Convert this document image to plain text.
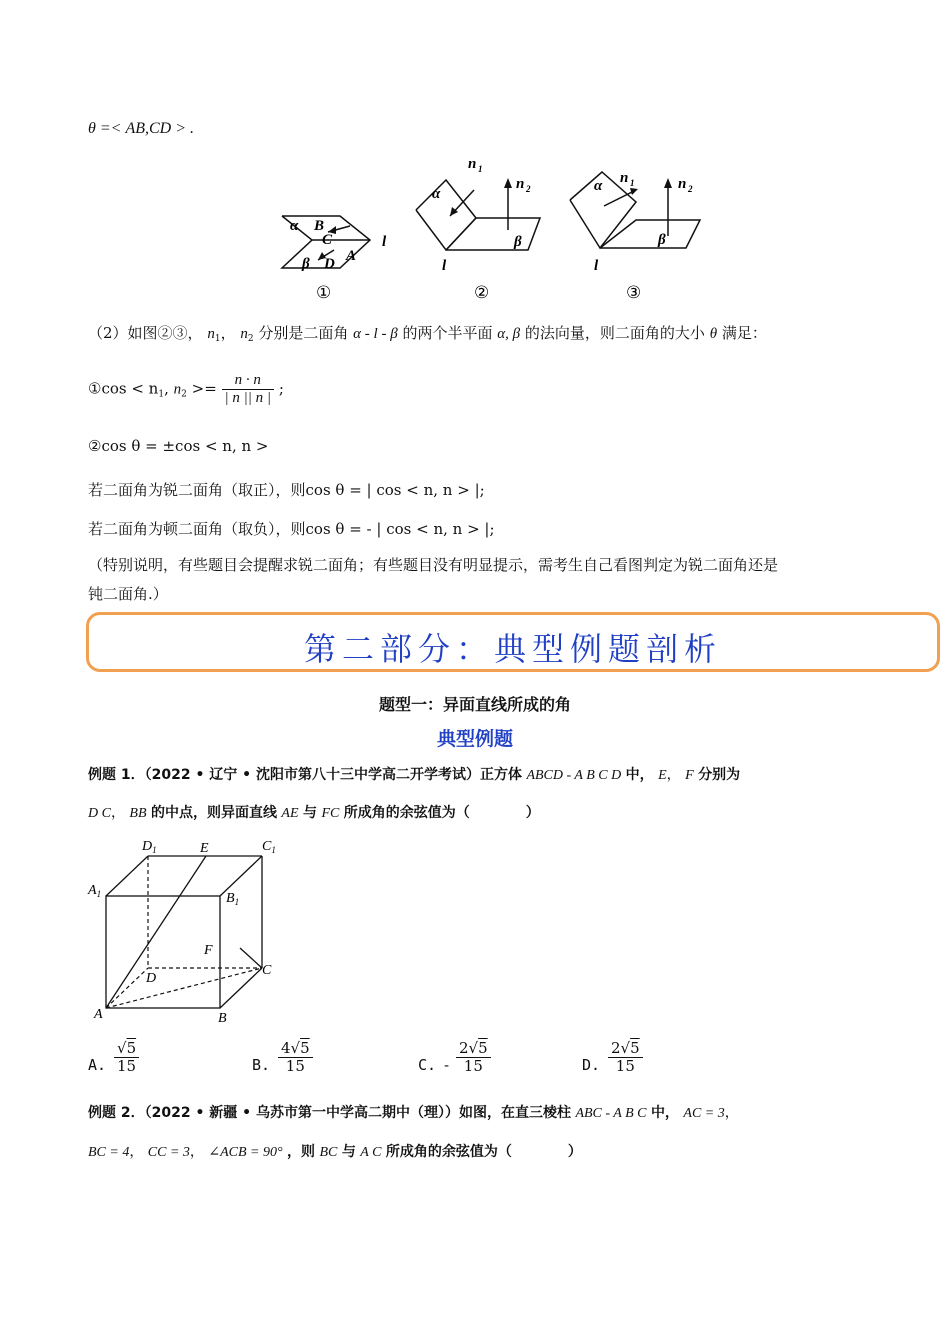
θ =< AB,CD > .
α B
C	l
β D A
α
β
l
n 1
n 2	α
β
l
n 1	n 2
①	②	③
（2）如图②③， $n_1$， $n_2$ 分别是二面角 α - l - β 的两个半平面 α, β 的法向量，则二面角的大小 θ 满足：
①cos < $n_1$, $n_2 >= \frac{n \cdot n}{| n || n |}$ ;
②cos θ = ±cos < n, n >
若二面角为锐二面角（取正），则cos θ = | cos < n, n > |;
若二面角为顿二面角（取负），则cos θ = - | cos < n, n > |;
（特别说明，有些题目会提醒求锐二面角；有些题目没有明显提示，需考生自己看图判定为锐二面角还是
钝二面角.）
第二部分：典型例题剖析
题型一：异面直线所成的角
典型例题
例题 1．（2022 • 辽宁 • 沈阳市第八十三中学高二开学考试）正方体 ABCD - A B C D 中， E， F 分别为
D C， BB 的中点，则异面直线 AE 与 FC 所成角的余弦值为（　　　　）
$D_1$	E	$C_1$
$A_1$	$B_1$
F
D
C
A	B
A. $\frac{√5}{15}$	B. $\frac{4√5}{15}$	C. - $\frac{2√5}{15}$	D. $\frac{2√5}{15}$
例题 2．（2022 • 新疆 • 乌苏市第一中学高二期中（理））如图，在直三棱柱 ABC - A B C 中， AC = 3，
BC = 4， CC = 3， ∠ACB = 90° ，则 BC 与 A C 所成角的余弦值为（　　　　）
